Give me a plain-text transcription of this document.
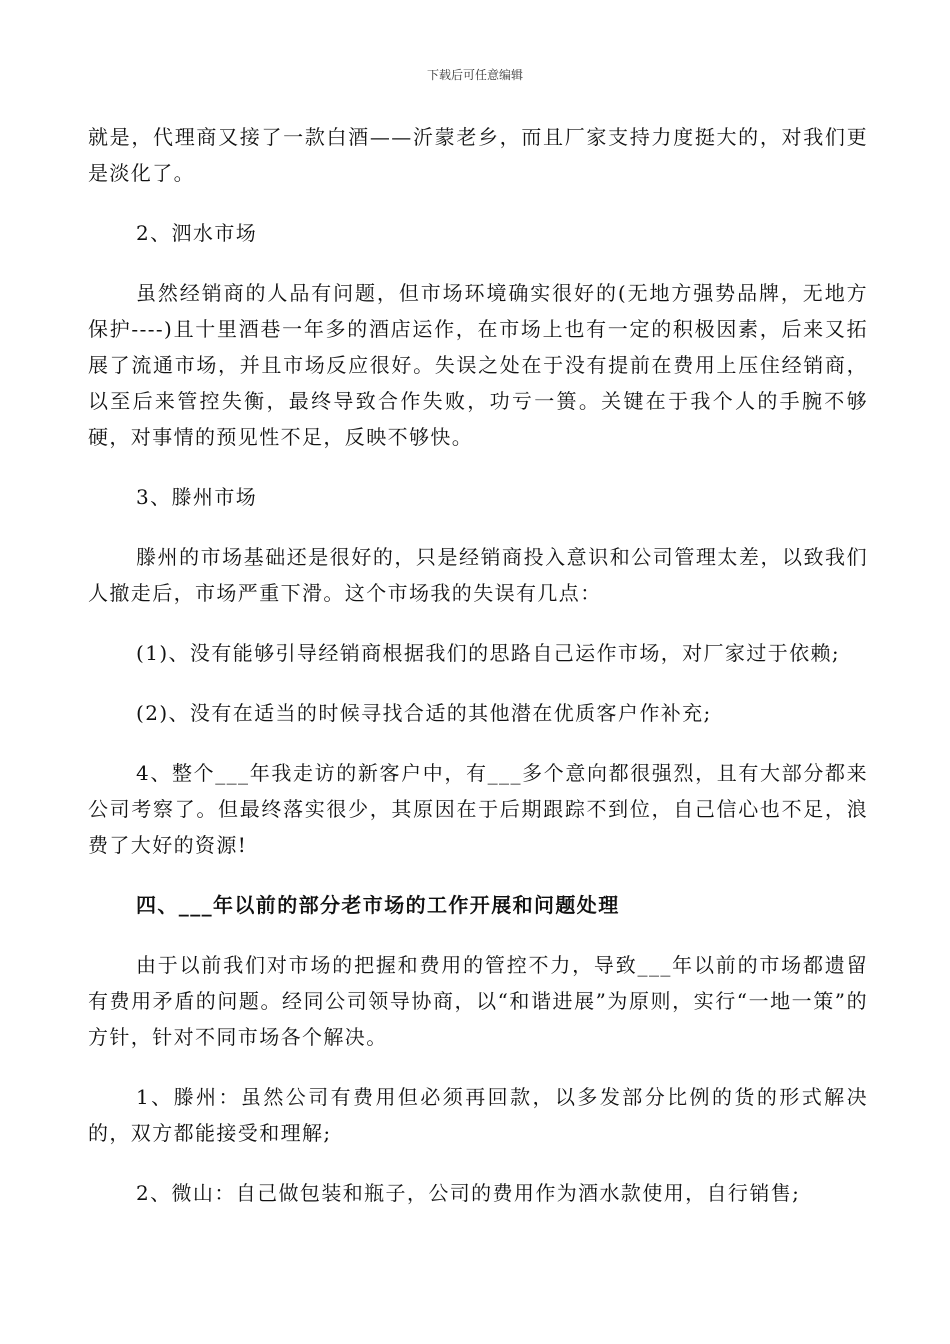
下载后可任意编辑

就是，代理商又接了一款白酒——沂蒙老乡，而且厂家支持力度挺大的，对我们更是淡化了。

2、泗水市场

虽然经销商的人品有问题，但市场环境确实很好的(无地方强势品牌，无地方保护----)且十里酒巷一年多的酒店运作，在市场上也有一定的积极因素，后来又拓展了流通市场，并且市场反应很好。失误之处在于没有提前在费用上压住经销商，以至后来管控失衡，最终导致合作失败，功亏一篑。关键在于我个人的手腕不够硬，对事情的预见性不足，反映不够快。

3、滕州市场

滕州的市场基础还是很好的，只是经销商投入意识和公司管理太差，以致我们人撤走后，市场严重下滑。这个市场我的失误有几点：

(1)、没有能够引导经销商根据我们的思路自己运作市场，对厂家过于依赖;

(2)、没有在适当的时候寻找合适的其他潜在优质客户作补充;

4、整个___年我走访的新客户中，有___多个意向都很强烈，且有大部分都来公司考察了。但最终落实很少，其原因在于后期跟踪不到位，自己信心也不足，浪费了大好的资源!

四、___年以前的部分老市场的工作开展和问题处理

由于以前我们对市场的把握和费用的管控不力，导致___年以前的市场都遗留有费用矛盾的问题。经同公司领导协商，以“和谐进展”为原则，实行“一地一策”的方针，针对不同市场各个解决。

1、滕州：虽然公司有费用但必须再回款，以多发部分比例的货的形式解决的，双方都能接受和理解;

2、微山：自己做包装和瓶子，公司的费用作为酒水款使用，自行销售;
